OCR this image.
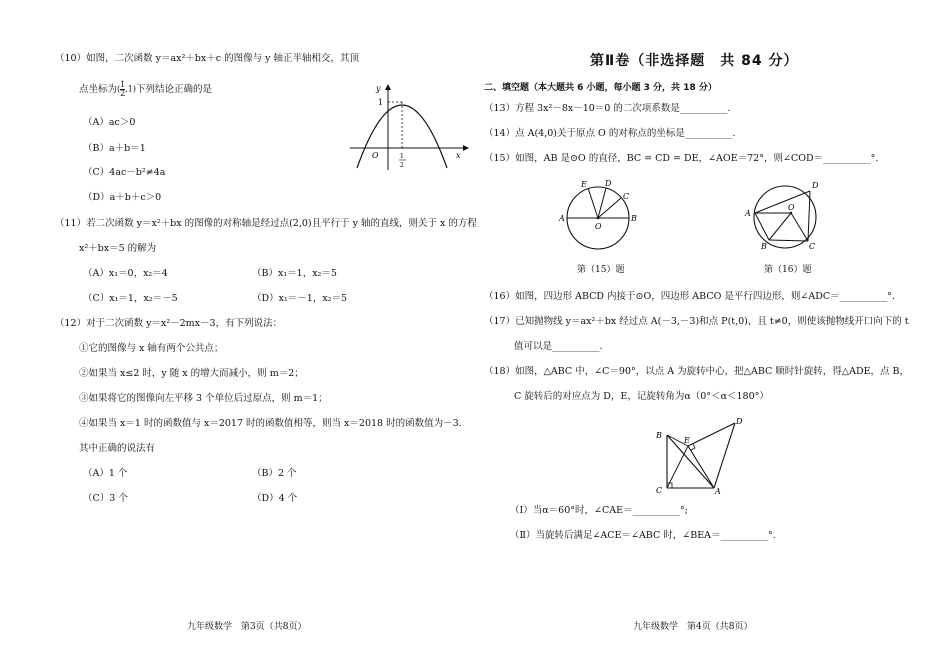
（10）如图，二次函数 y＝ax²＋bx＋c 的图像与 y 轴正半轴相交，其顶
点坐标为( $\frac{1}{2} ,1$)下列结论正确的是
（A）ac＞0
（B）a＋b＝1
（C）4ac－b²≠4a
（D）a＋b＋c＞0
y
1
O	x
1
2
（11）若二次函数 y＝x²＋bx 的图像的对称轴是经过点(2,0)且平行于 y 轴的直线，则关于 x 的方程
x²＋bx＝5 的解为
（A）x₁＝0，x₂＝4	（B）x₁＝1，x₂＝5
（C）x₁＝1，x₂＝－5	（D）x₁＝－1，x₂＝5
（12）对于二次函数 y＝x²－2mx－3，有下列说法：
①它的图像与 x 轴有两个公共点；
②如果当 x≤2 时，y 随 x 的增大而减小，则 m＝2；
③如果将它的图像向左平移 3 个单位后过原点，则 m＝1；
④如果当 x＝1 时的函数值与 x＝2017 时的函数值相等，则当 x＝2018 时的函数值为－3.
其中正确的说法有
（A）1 个	（B）2 个
（C）3 个	（D）4 个
九年级数学　第3页（共8页）
第Ⅱ卷（非选择题　共 84 分）
二、填空题（本大题共 6 小题，每小题 3 分，共 18 分）
（13）方程 3x²－8x－10＝0 的二次项系数是__________.
（14）点 A(4,0)关于原点 O 的对称点的坐标是__________.
（15）如图，AB 是⊙O 的直径，BC = CD = DE，∠AOE＝72°，则∠COD＝__________°.
E D
C
A	B
O
第（15）题
D
A
O
B	C
第（16）题
（16）如图，四边形 ABCD 内接于⊙O，四边形 ABCO 是平行四边形，则∠ADC＝__________°.
（17）已知抛物线 y＝ax²＋bx 经过点 A(－3,－3)和点 P(t,0)，且 t≠0，则使该抛物线开口向下的 t
值可以是__________.
（18）如图，△ABC 中，∠C＝90°，以点 A 为旋转中心，把△ABC 顺时针旋转，得△ADE，点 B，
C 旋转后的对应点为 D，E，记旋转角为α（0°＜α＜180°）
B
E
D
C	A
（Ⅰ）当α＝60°时，∠CAE＝__________°;
（Ⅱ）当旋转后满足∠ACE＝∠ABC 时，∠BEA＝__________°.
九年级数学　第4页（共8页）
